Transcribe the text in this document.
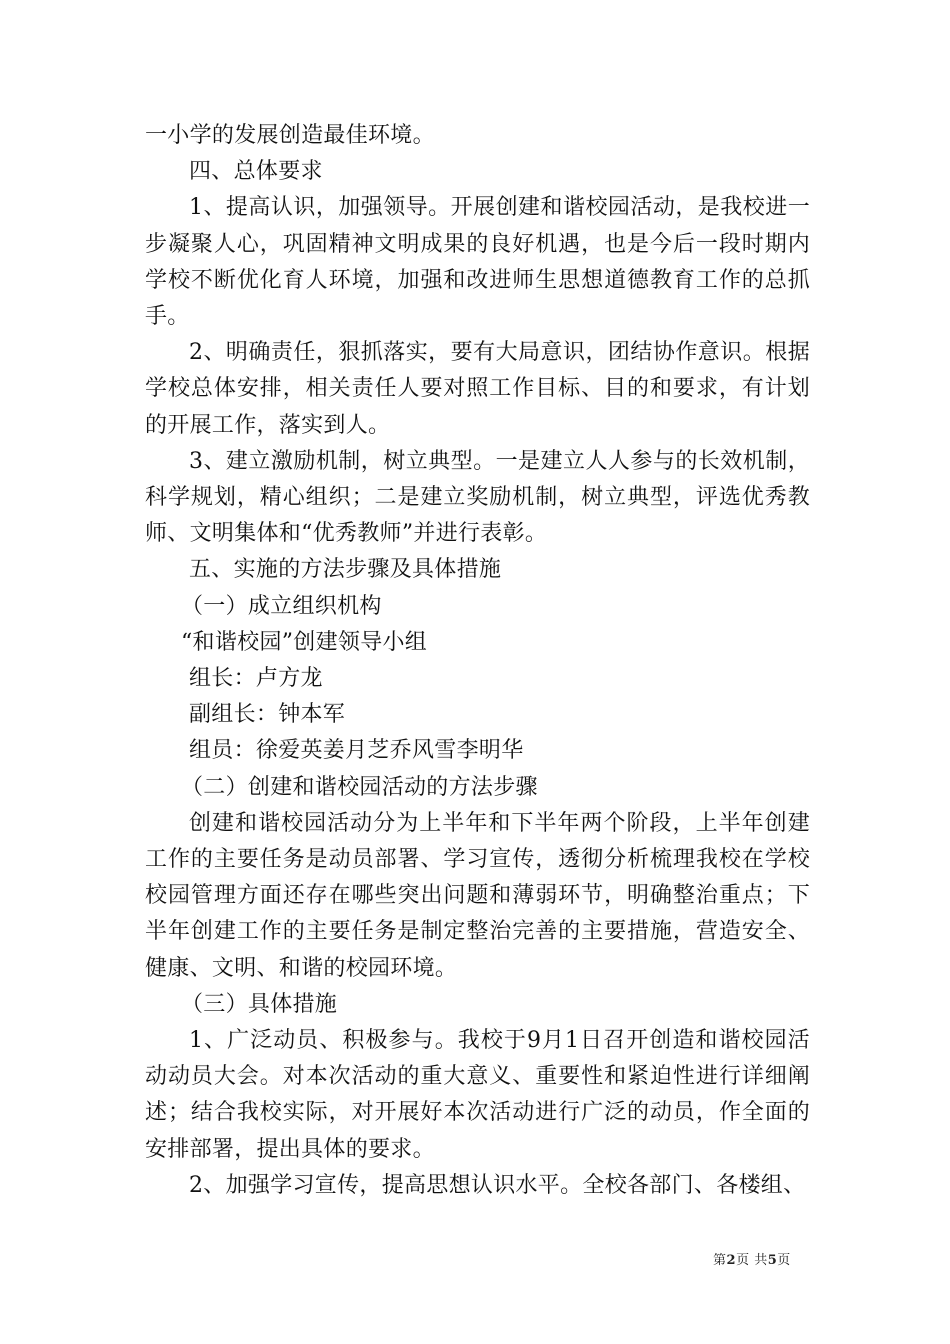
一小学的发展创造最佳环境。

四、总体要求

1、提高认识，加强领导。开展创建和谐校园活动，是我校进一步凝聚人心，巩固精神文明成果的良好机遇，也是今后一段时期内学校不断优化育人环境，加强和改进师生思想道德教育工作的总抓手。

2、明确责任，狠抓落实，要有大局意识，团结协作意识。根据学校总体安排，相关责任人要对照工作目标、目的和要求，有计划的开展工作，落实到人。

3、建立激励机制，树立典型。一是建立人人参与的长效机制，科学规划，精心组织；二是建立奖励机制，树立典型，评选优秀教师、文明集体和“优秀教师”并进行表彰。

五、实施的方法步骤及具体措施

（一）成立组织机构

“和谐校园”创建领导小组

组长：卢方龙

副组长：钟本军

组员：徐爱英姜月芝乔风雪李明华

（二）创建和谐校园活动的方法步骤

创建和谐校园活动分为上半年和下半年两个阶段，上半年创建工作的主要任务是动员部署、学习宣传，透彻分析梳理我校在学校校园管理方面还存在哪些突出问题和薄弱环节，明确整治重点；下半年创建工作的主要任务是制定整治完善的主要措施，营造安全、健康、文明、和谐的校园环境。

（三）具体措施

1、广泛动员、积极参与。我校于9月1日召开创造和谐校园活动动员大会。对本次活动的重大意义、重要性和紧迫性进行详细阐述；结合我校实际，对开展好本次活动进行广泛的动员，作全面的安排部署，提出具体的要求。

2、加强学习宣传，提高思想认识水平。全校各部门、各楼组、

第2页 共5页
